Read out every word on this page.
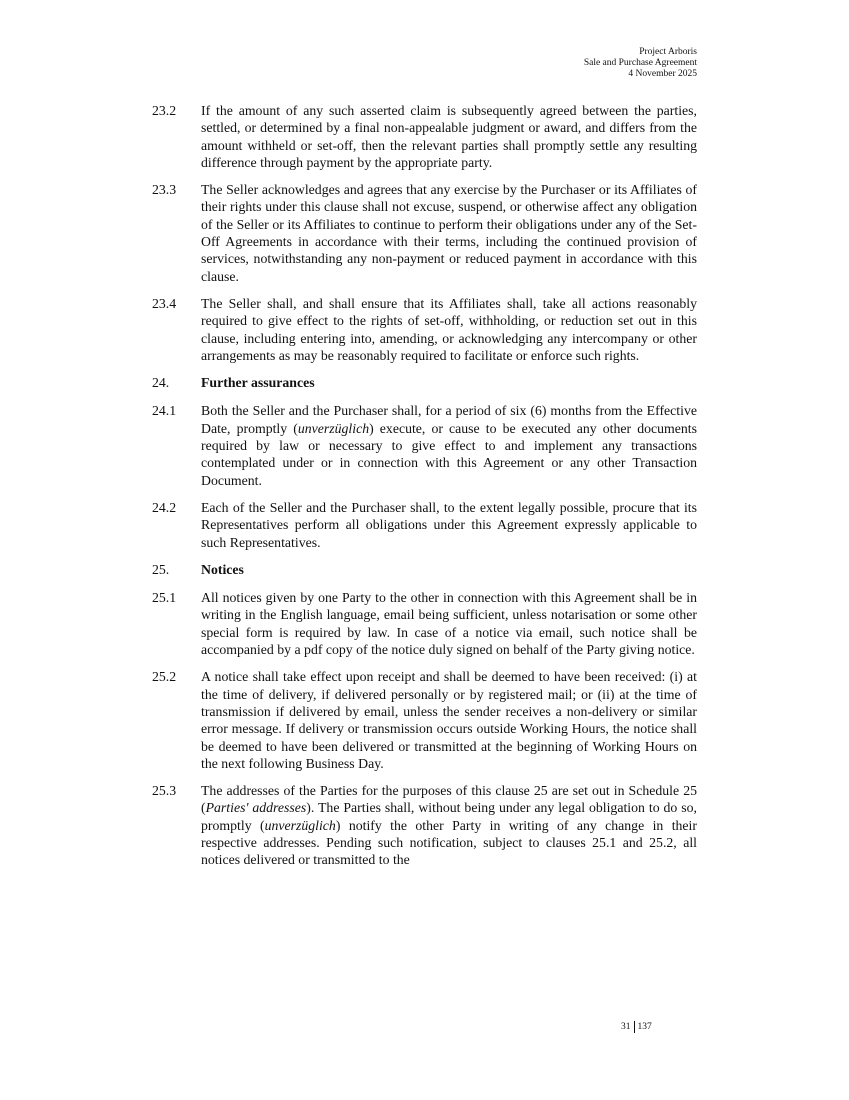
Project Arboris
Sale and Purchase Agreement
4 November 2025
23.2	If the amount of any such asserted claim is subsequently agreed between the parties, settled, or determined by a final non-appealable judgment or award, and differs from the amount withheld or set-off, then the relevant parties shall promptly settle any resulting difference through payment by the appropriate party.
23.3	The Seller acknowledges and agrees that any exercise by the Purchaser or its Affiliates of their rights under this clause shall not excuse, suspend, or otherwise affect any obligation of the Seller or its Affiliates to continue to perform their obligations under any of the Set-Off Agreements in accordance with their terms, including the continued provision of services, notwithstanding any non-payment or reduced payment in accordance with this clause.
23.4	The Seller shall, and shall ensure that its Affiliates shall, take all actions reasonably required to give effect to the rights of set-off, withholding, or reduction set out in this clause, including entering into, amending, or acknowledging any intercompany or other arrangements as may be reasonably required to facilitate or enforce such rights.
24.	Further assurances
24.1	Both the Seller and the Purchaser shall, for a period of six (6) months from the Effective Date, promptly (unverzüglich) execute, or cause to be executed any other documents required by law or necessary to give effect to and implement any transactions contemplated under or in connection with this Agreement or any other Transaction Document.
24.2	Each of the Seller and the Purchaser shall, to the extent legally possible, procure that its Representatives perform all obligations under this Agreement expressly applicable to such Representatives.
25.	Notices
25.1	All notices given by one Party to the other in connection with this Agreement shall be in writing in the English language, email being sufficient, unless notarisation or some other special form is required by law. In case of a notice via email, such notice shall be accompanied by a pdf copy of the notice duly signed on behalf of the Party giving notice.
25.2	A notice shall take effect upon receipt and shall be deemed to have been received: (i) at the time of delivery, if delivered personally or by registered mail; or (ii) at the time of transmission if delivered by email, unless the sender receives a non-delivery or similar error message. If delivery or transmission occurs outside Working Hours, the notice shall be deemed to have been delivered or transmitted at the beginning of Working Hours on the next following Business Day.
25.3	The addresses of the Parties for the purposes of this clause 25 are set out in Schedule 25 (Parties' addresses). The Parties shall, without being under any legal obligation to do so, promptly (unverzüglich) notify the other Party in writing of any change in their respective addresses. Pending such notification, subject to clauses 25.1 and 25.2, all notices delivered or transmitted to the
31 137
